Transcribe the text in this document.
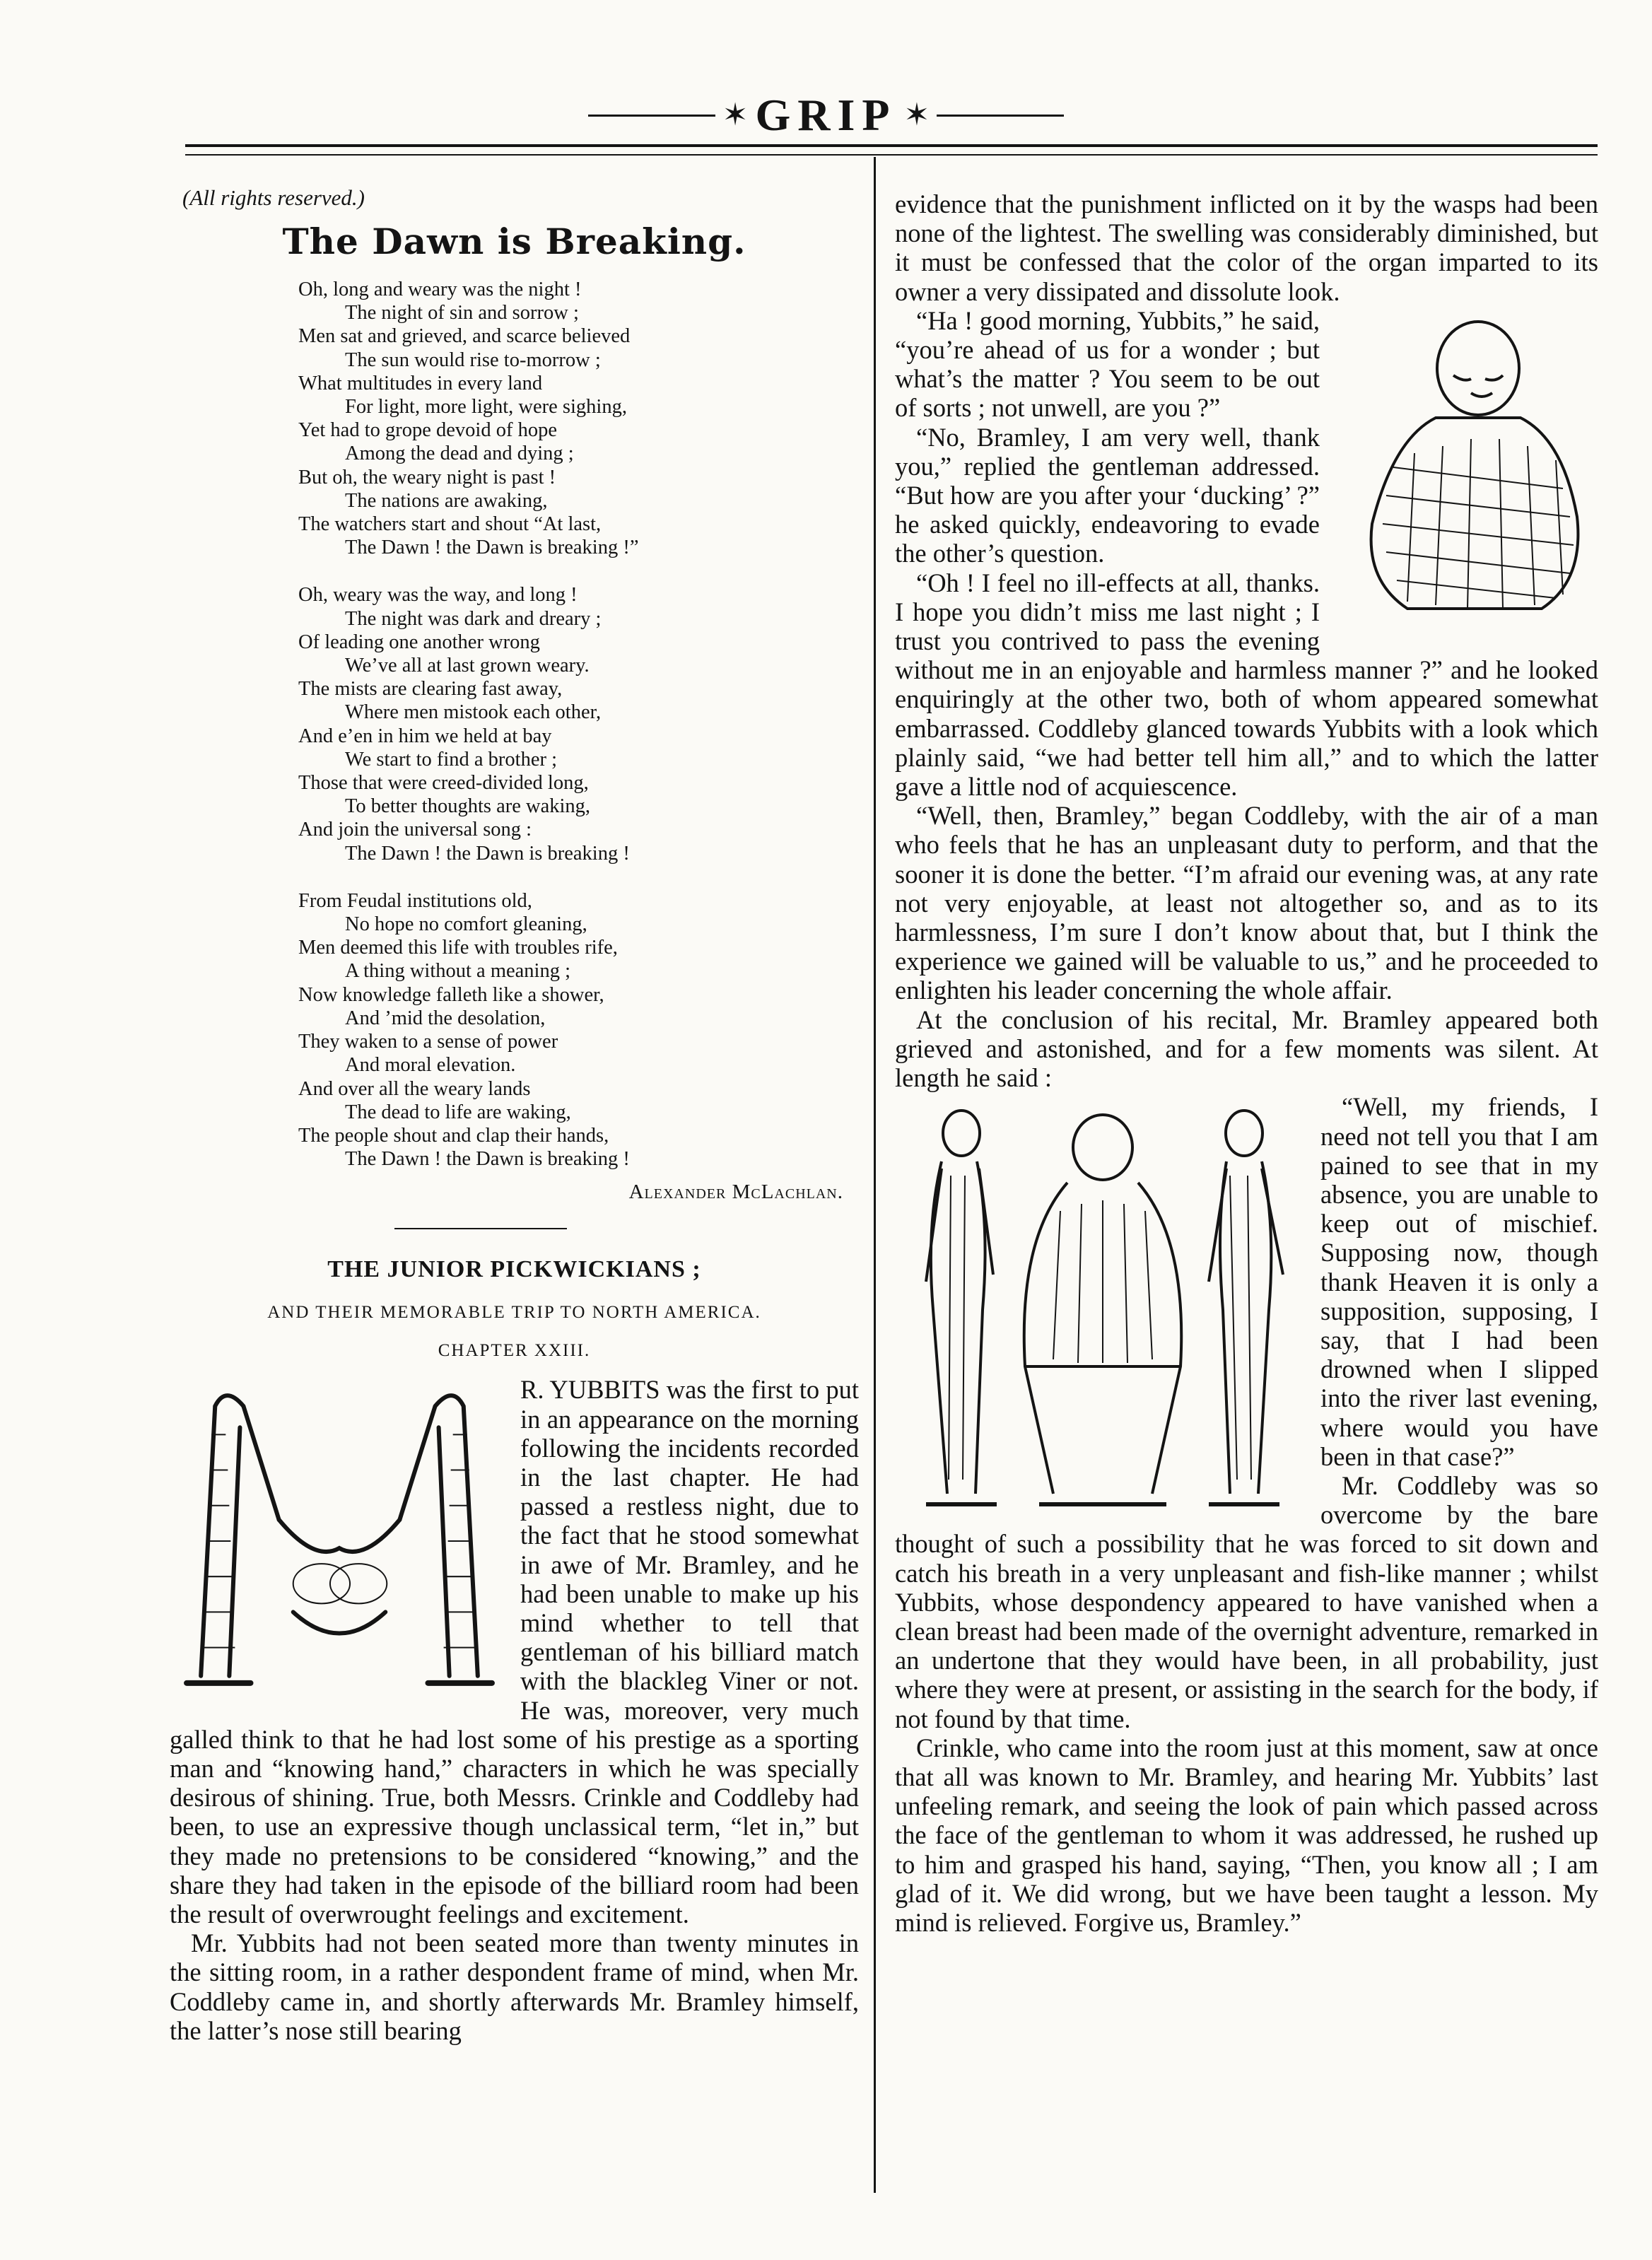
✶ GRIP ✶
(All rights reserved.)
The Dawn is Breaking.
Oh, long and weary was the night !
The night of sin and sorrow ;
Men sat and grieved, and scarce believed
The sun would rise to-morrow ;
What multitudes in every land
For light, more light, were sighing,
Yet had to grope devoid of hope
Among the dead and dying ;
But oh, the weary night is past !
The nations are awaking,
The watchers start and shout “At last,
The Dawn ! the Dawn is breaking !”
Oh, weary was the way, and long !
The night was dark and dreary ;
Of leading one another wrong
We’ve all at last grown weary.
The mists are clearing fast away,
Where men mistook each other,
And e’en in him we held at bay
We start to find a brother ;
Those that were creed-divided long,
To better thoughts are waking,
And join the universal song :
The Dawn ! the Dawn is breaking !
From Feudal institutions old,
No hope no comfort gleaning,
Men deemed this life with troubles rife,
A thing without a meaning ;
Now knowledge falleth like a shower,
And ’mid the desolation,
They waken to a sense of power
And moral elevation.
And over all the weary lands
The dead to life are waking,
The people shout and clap their hands,
The Dawn ! the Dawn is breaking !
Alexander McLachlan.
THE JUNIOR PICKWICKIANS ;
AND THEIR MEMORABLE TRIP TO NORTH AMERICA.
CHAPTER XXIII.

R. YUBBITS was the first to put in an appearance on the morning following the incidents recorded in the last chapter. He had passed a restless night, due to the fact that he stood somewhat in awe of Mr. Bramley, and he had been unable to make up his mind whether to tell that gentleman of his billiard match with the blackleg Viner or not. He was, moreover, very much galled think to that he had lost some of his prestige as a sporting man and “knowing hand,” characters in which he was specially desirous of shining. True, both Messrs. Crinkle and Coddleby had been, to use an expressive though unclassical term, “let in,” but they made no pretensions to be considered “knowing,” and the share they had taken in the episode of the billiard room had been the result of overwrought feelings and excitement.

Mr. Yubbits had not been seated more than twenty minutes in the sitting room, in a rather despondent frame of mind, when Mr. Coddleby came in, and shortly afterwards Mr. Bramley himself, the latter’s nose still bearing

evidence that the punishment inflicted on it by the wasps had been none of the lightest. The swelling was considerably diminished, but it must be confessed that the color of the organ imparted to its owner a very dissipated and dissolute look.

“Ha ! good morning, Yubbits,” he said, “you’re ahead of us for a wonder ; but what’s the matter ? You seem to be out of sorts ; not unwell, are you ?”

“No, Bramley, I am very well, thank you,” replied the gentleman addressed. “But how are you after your ‘ducking’ ?” he asked quickly, endeavoring to evade the other’s question.

“Oh ! I feel no ill-effects at all, thanks. I hope you didn’t miss me last night ; I trust you contrived to pass the evening without me in an enjoyable and harmless manner ?” and he looked enquiringly at the other two, both of whom appeared somewhat embarrassed. Coddleby glanced towards Yubbits with a look which plainly said, “we had better tell him all,” and to which the latter gave a little nod of acquiescence.

“Well, then, Bramley,” began Coddleby, with the air of a man who feels that he has an unpleasant duty to perform, and that the sooner it is done the better. “I’m afraid our evening was, at any rate not very enjoyable, at least not altogether so, and as to its harmlessness, I’m sure I don’t know about that, but I think the experience we gained will be valuable to us,” and he proceeded to enlighten his leader concerning the whole affair.

At the conclusion of his recital, Mr. Bramley appeared both grieved and astonished, and for a few moments was silent. At length he said :

“Well, my friends, I need not tell you that I am pained to see that in my absence, you are unable to keep out of mischief. Supposing now, though thank Heaven it is only a supposition, supposing, I say, that I had been drowned when I slipped into the river last evening, where would you have been in that case?”

Mr. Coddleby was so overcome by the bare thought of such a possibility that he was forced to sit down and catch his breath in a very unpleasant and fish-like manner ; whilst Yubbits, whose despondency appeared to have vanished when a clean breast had been made of the overnight adventure, remarked in an undertone that they would have been, in all probability, just where they were at present, or assisting in the search for the body, if not found by that time.

Crinkle, who came into the room just at this moment, saw at once that all was known to Mr. Bramley, and hearing Mr. Yubbits’ last unfeeling remark, and seeing the look of pain which passed across the face of the gentleman to whom it was addressed, he rushed up to him and grasped his hand, saying, “Then, you know all ; I am glad of it. We did wrong, but we have been taught a lesson. My mind is relieved. Forgive us, Bramley.”
